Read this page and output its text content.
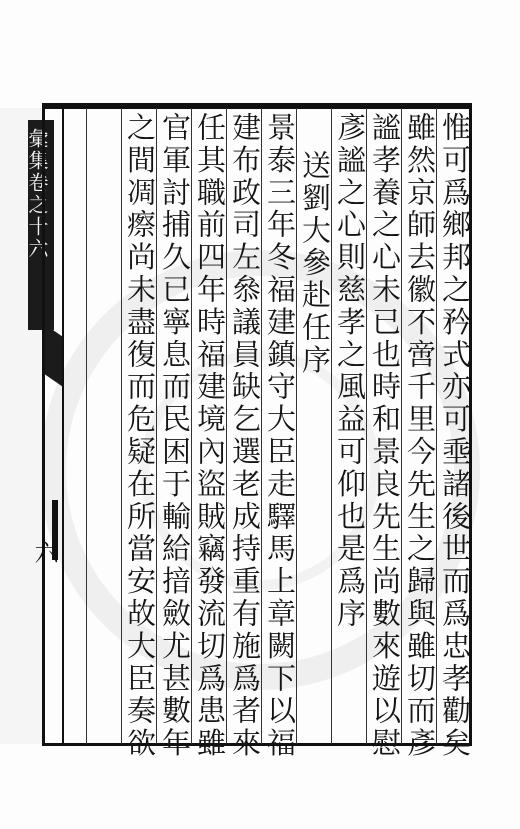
彙集卷之十六
六	惟可爲鄉邦之矜式亦可埀諸後世而爲忠孝勸矣
雖然京師去徽不啻千里今先生之歸與雖切而彥
謐孝養之心未已也時和景良先生尚數來遊以慰
彥謐之心則慈孝之風益可仰也是爲序
送劉大參赴任序
景泰三年冬福建鎮守大臣走驛馬上章闕下以福
建布政司左叅議員缺乞選老成持重有施爲者來
任其職前四年時福建境內盜賊竊發流切爲患雖
官軍討捕久已寧息而民困于輸給揞斂尤甚數年
之間凋瘵尚未盡復而危疑在所當安故大臣奏欲
